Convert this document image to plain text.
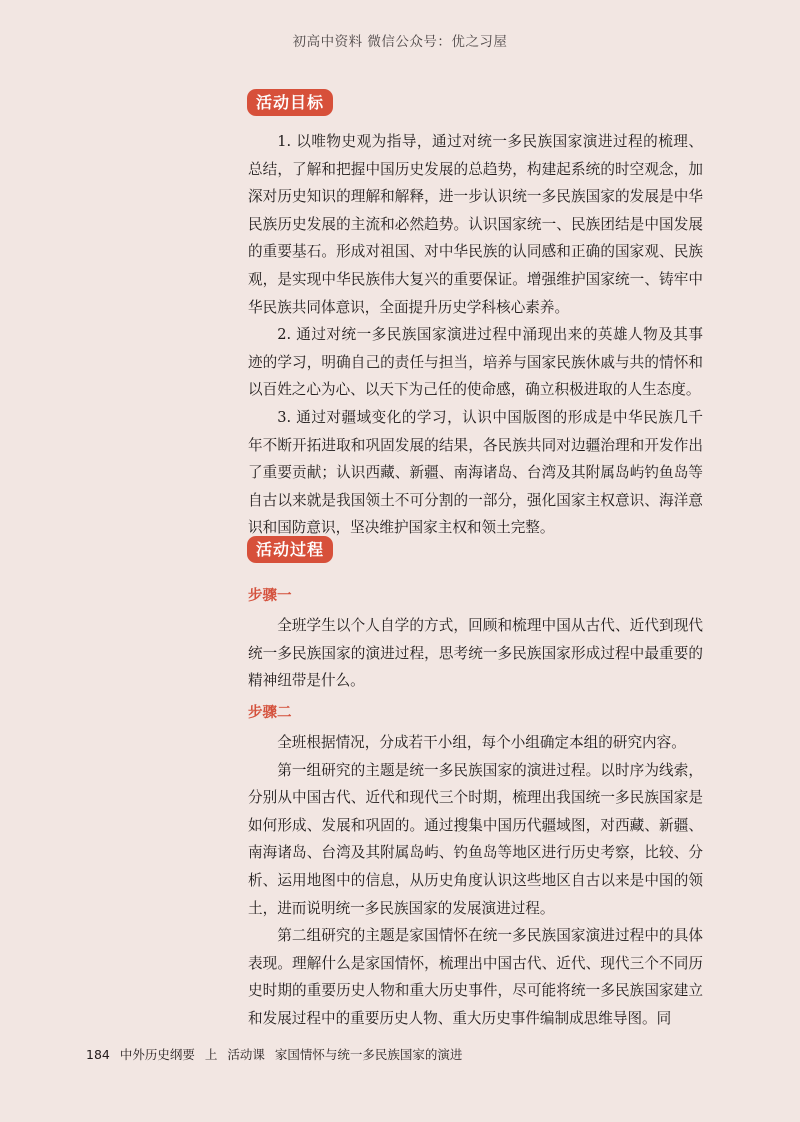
初高中资料 微信公众号：优之习屋
活动目标

1. 以唯物史观为指导，通过对统一多民族国家演进过程的梳理、总结，了解和把握中国历史发展的总趋势，构建起系统的时空观念，加深对历史知识的理解和解释，进一步认识统一多民族国家的发展是中华民族历史发展的主流和必然趋势。认识国家统一、民族团结是中国发展的重要基石。形成对祖国、对中华民族的认同感和正确的国家观、民族观，是实现中华民族伟大复兴的重要保证。增强维护国家统一、铸牢中华民族共同体意识，全面提升历史学科核心素养。

2. 通过对统一多民族国家演进过程中涌现出来的英雄人物及其事迹的学习，明确自己的责任与担当，培养与国家民族休戚与共的情怀和以百姓之心为心、以天下为己任的使命感，确立积极进取的人生态度。

3. 通过对疆域变化的学习，认识中国版图的形成是中华民族几千年不断开拓进取和巩固发展的结果，各民族共同对边疆治理和开发作出了重要贡献；认识西藏、新疆、南海诸岛、台湾及其附属岛屿钓鱼岛等自古以来就是我国领土不可分割的一部分，强化国家主权意识、海洋意识和国防意识，坚决维护国家主权和领土完整。

活动过程
步骤一

全班学生以个人自学的方式，回顾和梳理中国从古代、近代到现代统一多民族国家的演进过程，思考统一多民族国家形成过程中最重要的精神纽带是什么。

步骤二

全班根据情况，分成若干小组，每个小组确定本组的研究内容。

第一组研究的主题是统一多民族国家的演进过程。以时序为线索，分别从中国古代、近代和现代三个时期，梳理出我国统一多民族国家是如何形成、发展和巩固的。通过搜集中国历代疆域图，对西藏、新疆、南海诸岛、台湾及其附属岛屿、钓鱼岛等地区进行历史考察，比较、分析、运用地图中的信息，从历史角度认识这些地区自古以来是中国的领土，进而说明统一多民族国家的发展演进过程。

第二组研究的主题是家国情怀在统一多民族国家演进过程中的具体表现。理解什么是家国情怀，梳理出中国古代、近代、现代三个不同历史时期的重要历史人物和重大历史事件，尽可能将统一多民族国家建立和发展过程中的重要历史人物、重大历史事件编制成思维导图。同

184 中外历史纲要 上 活动课 家国情怀与统一多民族国家的演进
